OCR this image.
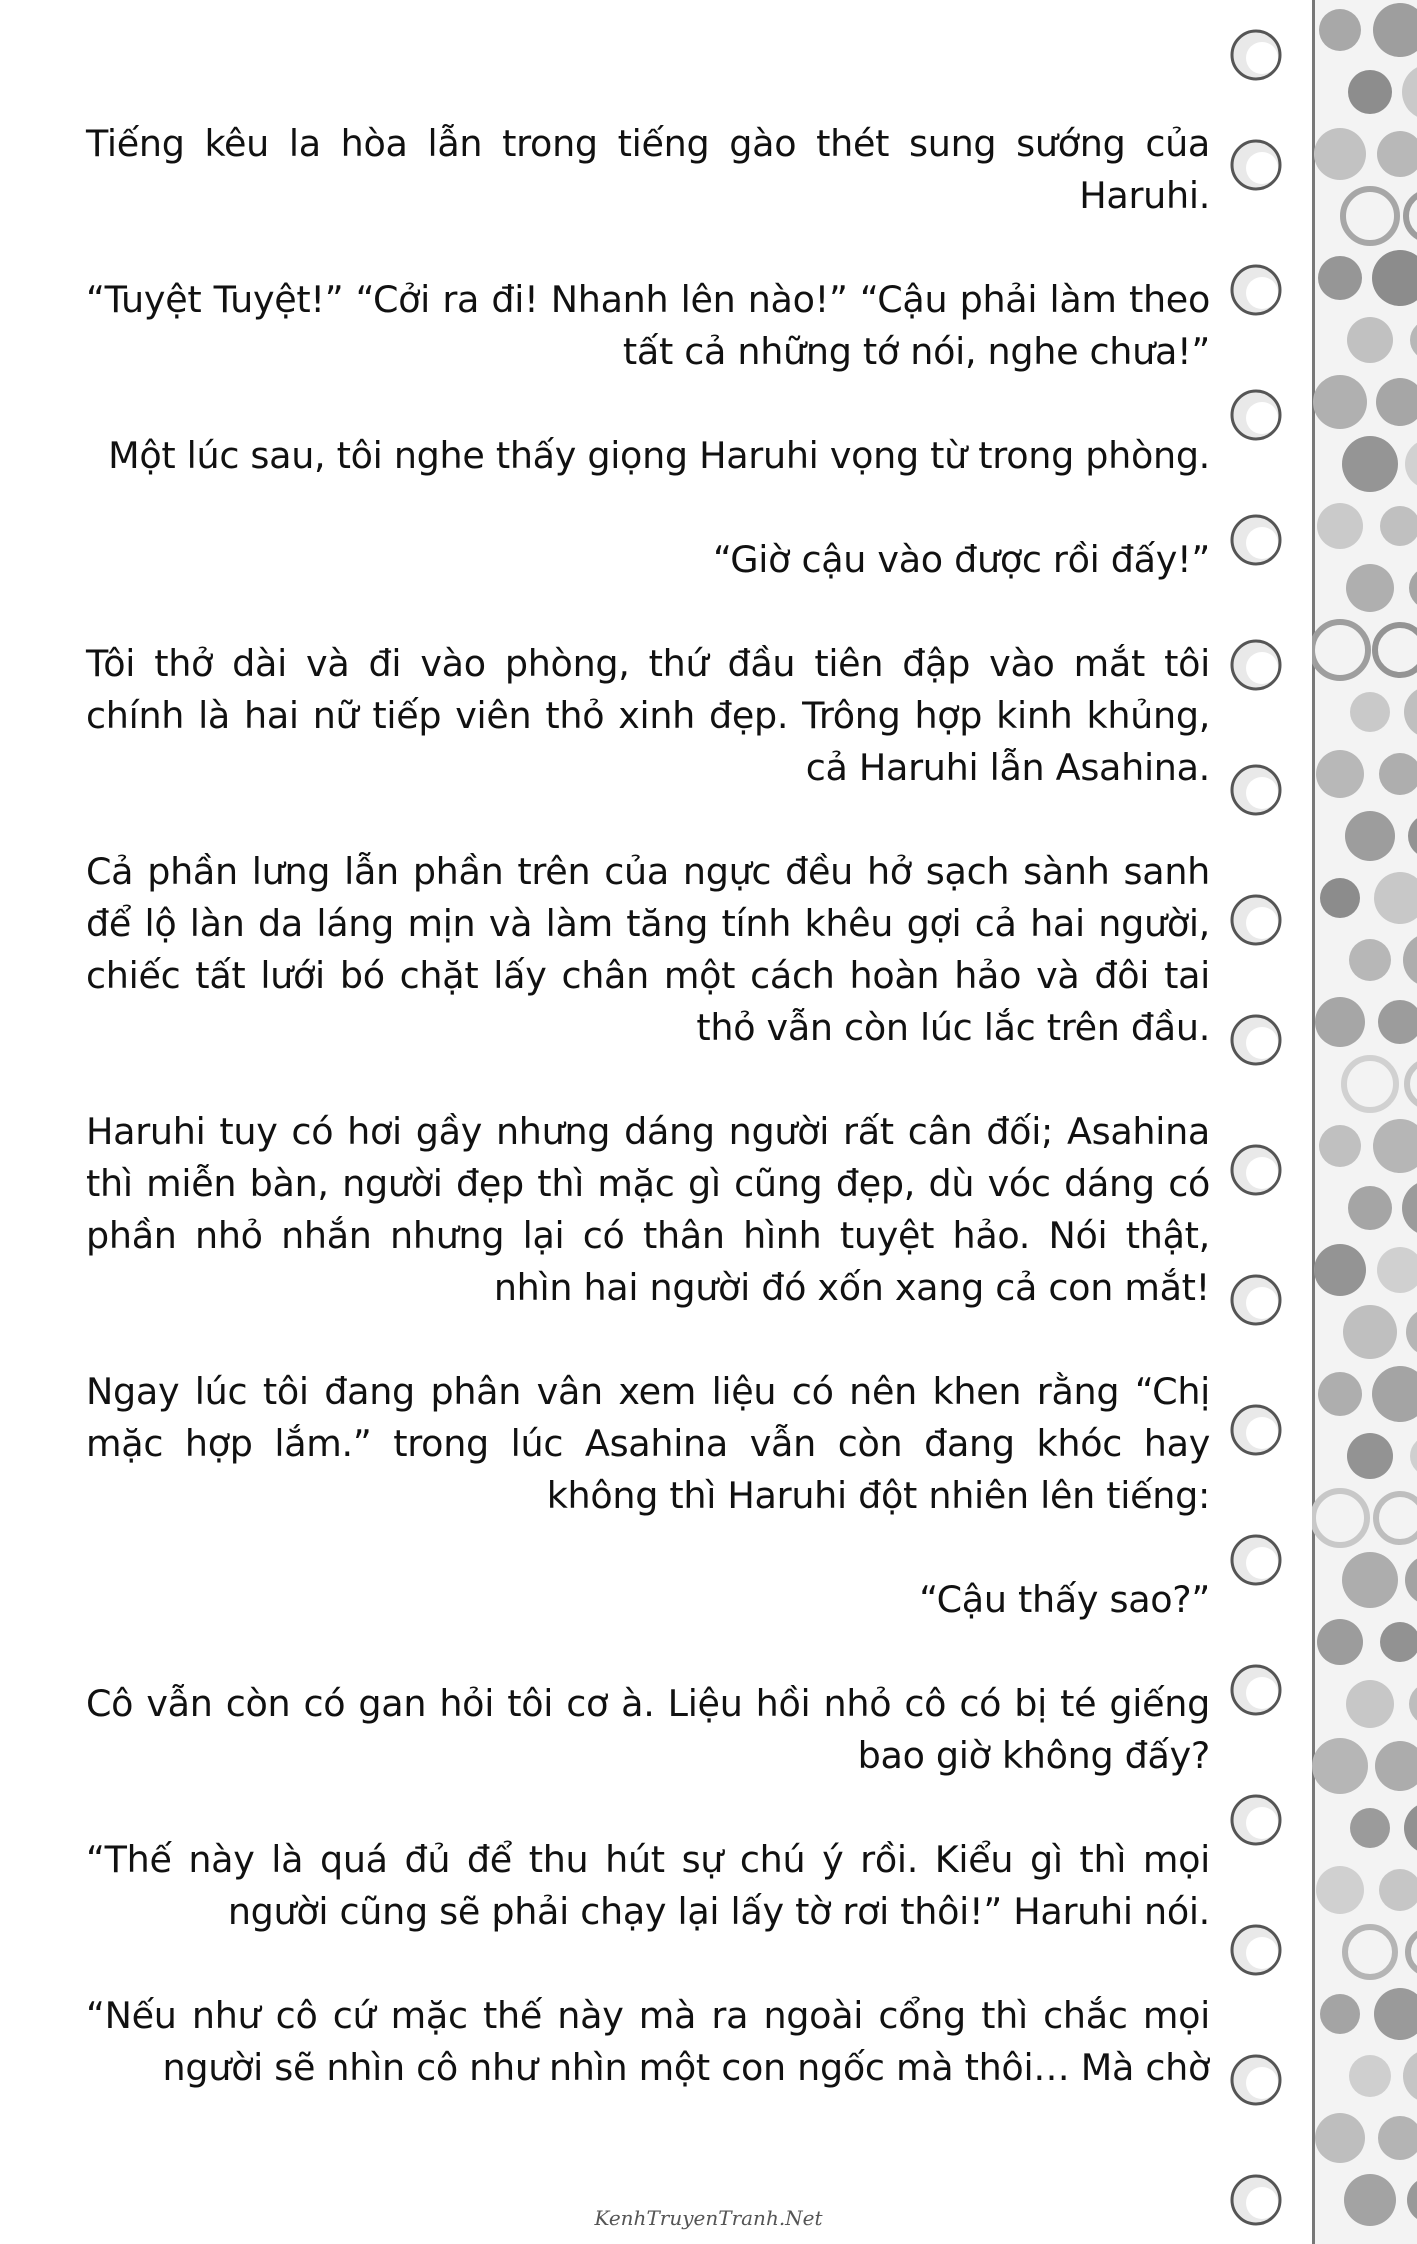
Tiếng kêu la hòa lẫn trong tiếng gào thét sung sướng của Haruhi.

“Tuyệt Tuyệt!” “Cởi ra đi! Nhanh lên nào!” “Cậu phải làm theo tất cả những tớ nói, nghe chưa!”

Một lúc sau, tôi nghe thấy giọng Haruhi vọng từ trong phòng.

“Giờ cậu vào được rồi đấy!”

Tôi thở dài và đi vào phòng, thứ đầu tiên đập vào mắt tôi chính là hai nữ tiếp viên thỏ xinh đẹp. Trông hợp kinh khủng, cả Haruhi lẫn Asahina.

Cả phần lưng lẫn phần trên của ngực đều hở sạch sành sanh để lộ làn da láng mịn và làm tăng tính khêu gợi cả hai người, chiếc tất lưới bó chặt lấy chân một cách hoàn hảo và đôi tai thỏ vẫn còn lúc lắc trên đầu.

Haruhi tuy có hơi gầy nhưng dáng người rất cân đối; Asahina thì miễn bàn, người đẹp thì mặc gì cũng đẹp, dù vóc dáng có phần nhỏ nhắn nhưng lại có thân hình tuyệt hảo. Nói thật, nhìn hai người đó xốn xang cả con mắt!

Ngay lúc tôi đang phân vân xem liệu có nên khen rằng “Chị mặc hợp lắm.” trong lúc Asahina vẫn còn đang khóc hay không thì Haruhi đột nhiên lên tiếng:

“Cậu thấy sao?”

Cô vẫn còn có gan hỏi tôi cơ à. Liệu hồi nhỏ cô có bị té giếng bao giờ không đấy?

“Thế này là quá đủ để thu hút sự chú ý rồi. Kiểu gì thì mọi người cũng sẽ phải chạy lại lấy tờ rơi thôi!” Haruhi nói.

“Nếu như cô cứ mặc thế này mà ra ngoài cổng thì chắc mọi người sẽ nhìn cô như nhìn một con ngốc mà thôi… Mà chờ

KenhTruyenTranh.Net
